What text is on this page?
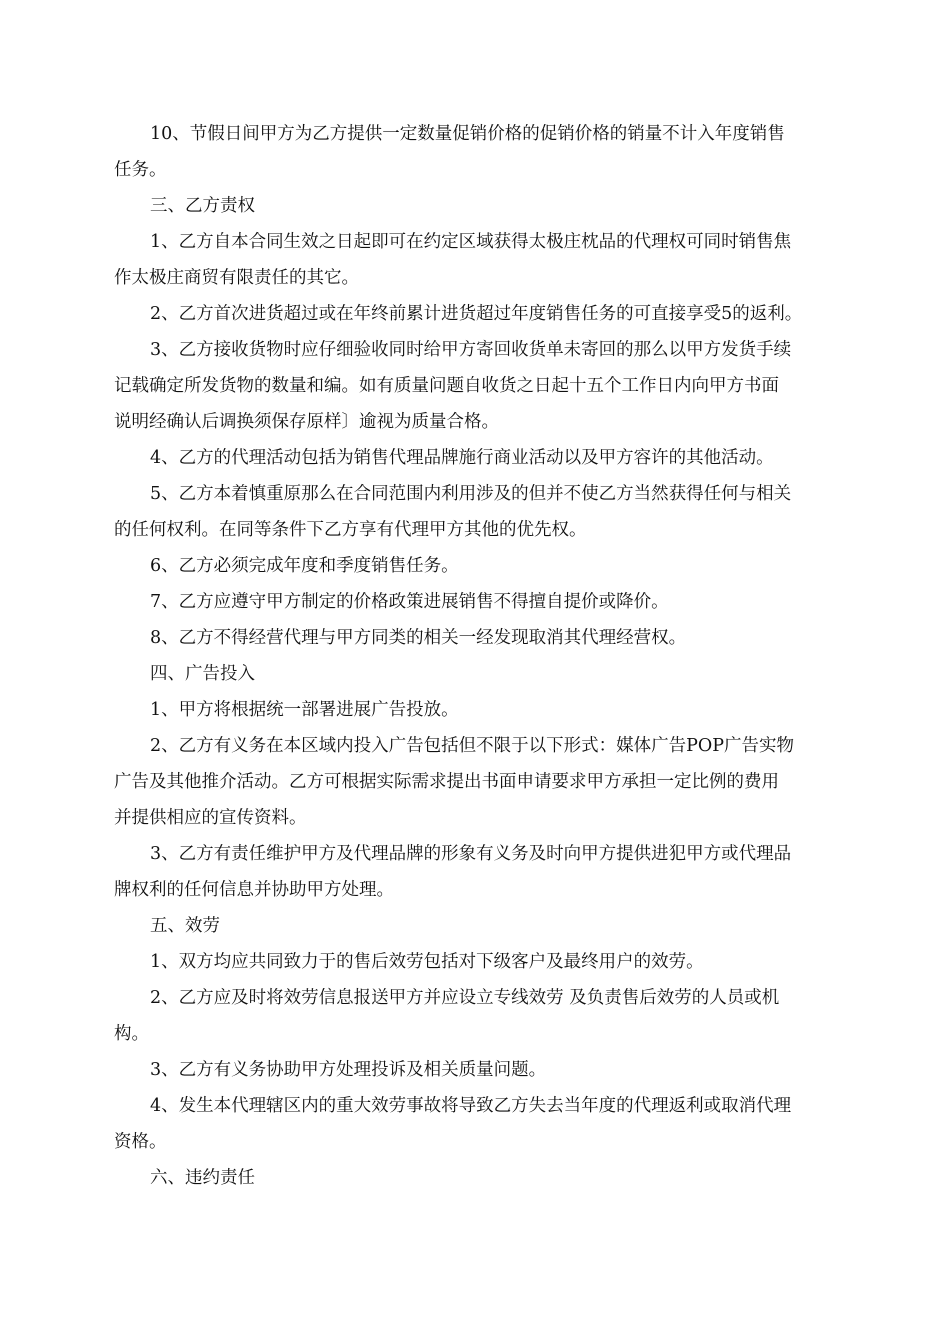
10、节假日间甲方为乙方提供一定数量促销价格的促销价格的销量不计入年度销售
任务。

三、乙方责权

1、乙方自本合同生效之日起即可在约定区域获得太极庄枕品的代理权可同时销售焦
作太极庄商贸有限责任的其它。

2、乙方首次进货超过或在年终前累计进货超过年度销售任务的可直接享受5的返利。

3、乙方接收货物时应仔细验收同时给甲方寄回收货单未寄回的那么以甲方发货手续
记载确定所发货物的数量和编。如有质量问题自收货之日起十五个工作日内向甲方书面
说明经确认后调换须保存原样〕逾视为质量合格。

4、乙方的代理活动包括为销售代理品牌施行商业活动以及甲方容许的其他活动。

5、乙方本着慎重原那么在合同范围内利用涉及的但并不使乙方当然获得任何与相关
的任何权利。在同等条件下乙方享有代理甲方其他的优先权。

6、乙方必须完成年度和季度销售任务。

7、乙方应遵守甲方制定的价格政策进展销售不得擅自提价或降价。

8、乙方不得经营代理与甲方同类的相关一经发现取消其代理经营权。

四、广告投入

1、甲方将根据统一部署进展广告投放。

2、乙方有义务在本区域内投入广告包括但不限于以下形式：媒体广告POP广告实物
广告及其他推介活动。乙方可根据实际需求提出书面申请要求甲方承担一定比例的费用
并提供相应的宣传资料。

3、乙方有责任维护甲方及代理品牌的形象有义务及时向甲方提供进犯甲方或代理品
牌权利的任何信息并协助甲方处理。

五、效劳

1、双方均应共同致力于的售后效劳包括对下级客户及最终用户的效劳。

2、乙方应及时将效劳信息报送甲方并应设立专线效劳 及负责售后效劳的人员或机
构。

3、乙方有义务协助甲方处理投诉及相关质量问题。

4、发生本代理辖区内的重大效劳事故将导致乙方失去当年度的代理返利或取消代理
资格。

六、违约责任
